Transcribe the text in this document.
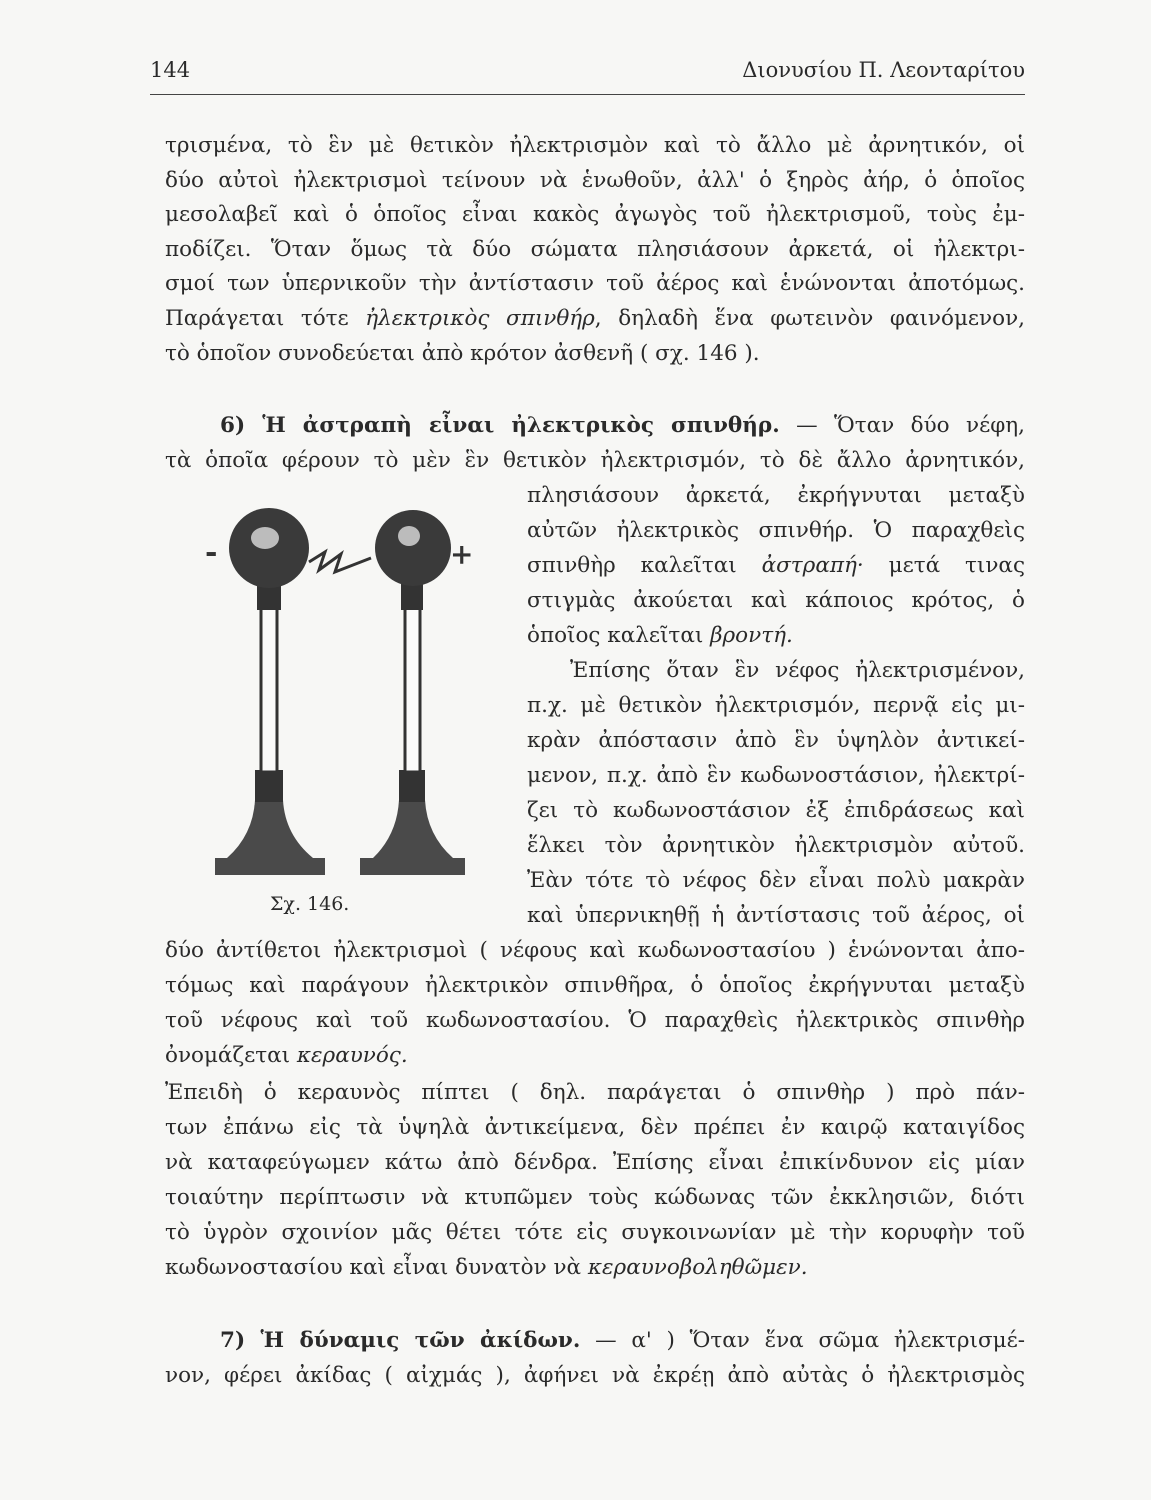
144	Διονυσίου Π. Λεονταρίτου
τρισμένα, τὸ ἓν μὲ θετικὸν ἠλεκτρισμὸν καὶ τὸ ἄλλο μὲ ἀρνητικόν, οἱ
δύο αὐτοὶ ἠλεκτρισμοὶ τείνουν νὰ ἑνωθοῦν, ἀλλ' ὁ ξηρὸς ἀήρ, ὁ ὁποῖος
μεσολαβεῖ καὶ ὁ ὁποῖος εἶναι κακὸς ἀγωγὸς τοῦ ἠλεκτρισμοῦ, τοὺς ἐμ-
ποδίζει. Ὅταν ὅμως τὰ δύο σώματα πλησιάσουν ἀρκετά, οἱ ἠλεκτρι-
σμοί των ὑπερνικοῦν τὴν ἀντίστασιν τοῦ ἀέρος καὶ ἑνώνονται ἀποτόμως.
Παράγεται τότε ἠλεκτρικὸς σπινθήρ, δηλαδὴ ἕνα φωτεινὸν φαινόμενον,
τὸ ὁποῖον συνοδεύεται ἀπὸ κρότον ἀσθενῆ ( σχ. 146 ).
6) Ἡ ἀστραπὴ εἶναι ἠλεκτρικὸς σπινθήρ. — Ὅταν δύο νέφη,
τὰ ὁποῖα φέρουν τὸ μὲν ἓν θετικὸν ἠλεκτρισμόν, τὸ δὲ ἄλλο ἀρνητικόν,
πλησιάσουν ἀρκετά, ἐκρήγνυται μεταξὺ
αὐτῶν ἠλεκτρικὸς σπινθήρ. Ὁ παραχθεὶς
σπινθὴρ καλεῖται ἀστραπή· μετά τινας
στιγμὰς ἀκούεται καὶ κάποιος κρότος, ὁ
ὁποῖος καλεῖται βροντή.
Ἐπίσης ὅταν ἓν νέφος ἠλεκτρισμένον,
π.χ. μὲ θετικὸν ἠλεκτρισμόν, περνᾷ εἰς μι-
κρὰν ἀπόστασιν ἀπὸ ἓν ὑψηλὸν ἀντικεί-
μενον, π.χ. ἀπὸ ἓν κωδωνοστάσιον, ἠλεκτρί-
ζει τὸ κωδωνοστάσιον ἐξ ἐπιδράσεως καὶ
ἕλκει τὸν ἀρνητικὸν ἠλεκτρισμὸν αὐτοῦ.
Ἐὰν τότε τὸ νέφος δὲν εἶναι πολὺ μακρὰν
καὶ ὑπερνικηθῇ ἡ ἀντίστασις τοῦ ἀέρος, οἱ
δύο ἀντίθετοι ἠλεκτρισμοὶ ( νέφους καὶ κωδωνοστασίου ) ἑνώνονται ἀπο-
τόμως καὶ παράγουν ἠλεκτρικὸν σπινθῆρα, ὁ ὁποῖος ἐκρήγνυται μεταξὺ
τοῦ νέφους καὶ τοῦ κωδωνοστασίου. Ὁ παραχθεὶς ἠλεκτρικὸς σπινθὴρ
ὀνομάζεται κεραυνός.
Ἐπειδὴ ὁ κεραυνὸς πίπτει ( δηλ. παράγεται ὁ σπινθὴρ ) πρὸ πάν-
των ἐπάνω εἰς τὰ ὑψηλὰ ἀντικείμενα, δὲν πρέπει ἐν καιρῷ καταιγίδος
νὰ καταφεύγωμεν κάτω ἀπὸ δένδρα. Ἐπίσης εἶναι ἐπικίνδυνον εἰς μίαν
τοιαύτην περίπτωσιν νὰ κτυπῶμεν τοὺς κώδωνας τῶν ἐκκλησιῶν, διότι
τὸ ὑγρὸν σχοινίον μᾶς θέτει τότε εἰς συγκοινωνίαν μὲ τὴν κορυφὴν τοῦ
κωδωνοστασίου καὶ εἶναι δυνατὸν νὰ κεραυνοβοληθῶμεν.
7) Ἡ δύναμις τῶν ἀκίδων. — α' ) Ὅταν ἕνα σῶμα ἠλεκτρισμέ-
νον, φέρει ἀκίδας ( αἰχμάς ), ἀφήνει νὰ ἐκρέῃ ἀπὸ αὐτὰς ὁ ἠλεκτρισμὸς
-	+
Σχ. 146.
